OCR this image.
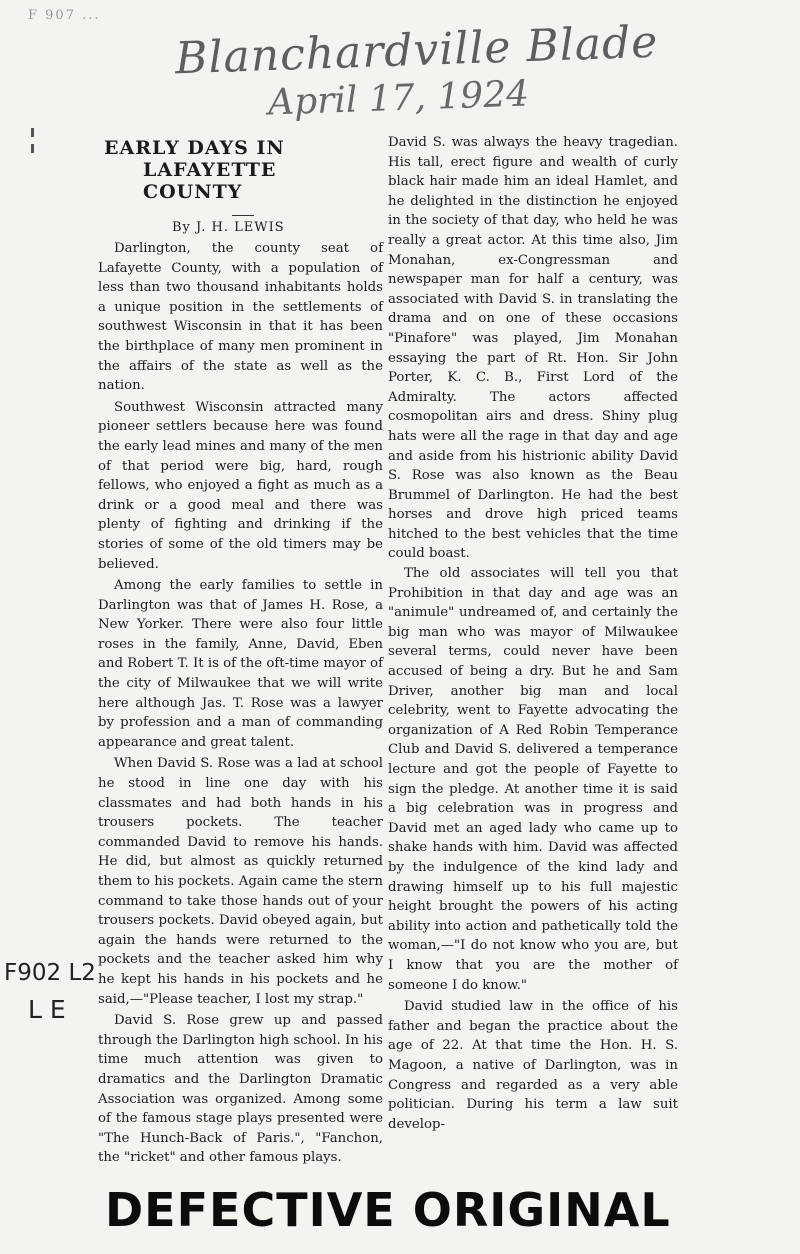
F 907 ...
Blanchardville Blade
April 17, 1924
F902 L2
L E
EARLY DAYS IN
LAFAYETTE COUNTY
By J. H. LEWIS

Darlington, the county seat of Lafayette County, with a population of less than two thousand inhabitants holds a unique position in the settlements of southwest Wisconsin in that it has been the birthplace of many men prominent in the affairs of the state as well as the nation.

Southwest Wisconsin attracted many pioneer settlers because here was found the early lead mines and many of the men of that period were big, hard, rough fellows, who enjoyed a fight as much as a drink or a good meal and there was plenty of fighting and drinking if the stories of some of the old timers may be believed.

Among the early families to settle in Darlington was that of James H. Rose, a New Yorker. There were also four little roses in the family, Anne, David, Eben and Robert T. It is of the oft-time mayor of the city of Milwaukee that we will write here although Jas. T. Rose was a lawyer by profession and a man of commanding appearance and great talent.

When David S. Rose was a lad at school he stood in line one day with his classmates and had both hands in his trousers pockets. The teacher commanded David to remove his hands. He did, but almost as quickly returned them to his pockets. Again came the stern command to take those hands out of your trousers pockets. David obeyed again, but again the hands were returned to the pockets and the teacher asked him why he kept his hands in his pockets and he said,—"Please teacher, I lost my strap."

David S. Rose grew up and passed through the Darlington high school. In his time much attention was given to dramatics and the Darlington Dramatic Association was organized. Among some of the famous stage plays presented were "The Hunch-Back of Paris.", "Fanchon, the "ricket" and other famous plays.

David S. was always the heavy tragedian. His tall, erect figure and wealth of curly black hair made him an ideal Hamlet, and he delighted in the distinction he enjoyed in the society of that day, who held he was really a great actor. At this time also, Jim Monahan, ex-Congressman and newspaper man for half a century, was associated with David S. in translating the drama and on one of these occasions "Pinafore" was played, Jim Monahan essaying the part of Rt. Hon. Sir John Porter, K. C. B., First Lord of the Admiralty. The actors affected cosmopolitan airs and dress. Shiny plug hats were all the rage in that day and age and aside from his histrionic ability David S. Rose was also known as the Beau Brummel of Darlington. He had the best horses and drove high priced teams hitched to the best vehicles that the time could boast.

The old associates will tell you that Prohibition in that day and age was an "animule" undreamed of, and certainly the big man who was mayor of Milwaukee several terms, could never have been accused of being a dry. But he and Sam Driver, another big man and local celebrity, went to Fayette advocating the organization of A Red Robin Temperance Club and David S. delivered a temperance lecture and got the people of Fayette to sign the pledge. At another time it is said a big celebration was in progress and David met an aged lady who came up to shake hands with him. David was affected by the indulgence of the kind lady and drawing himself up to his full majestic height brought the powers of his acting ability into action and pathetically told the woman,—"I do not know who you are, but I know that you are the mother of someone I do know."

David studied law in the office of his father and began the practice about the age of 22. At that time the Hon. H. S. Magoon, a native of Darlington, was in Congress and regarded as a very able politician. During his term a law suit develop-

DEFECTIVE ORIGINAL
